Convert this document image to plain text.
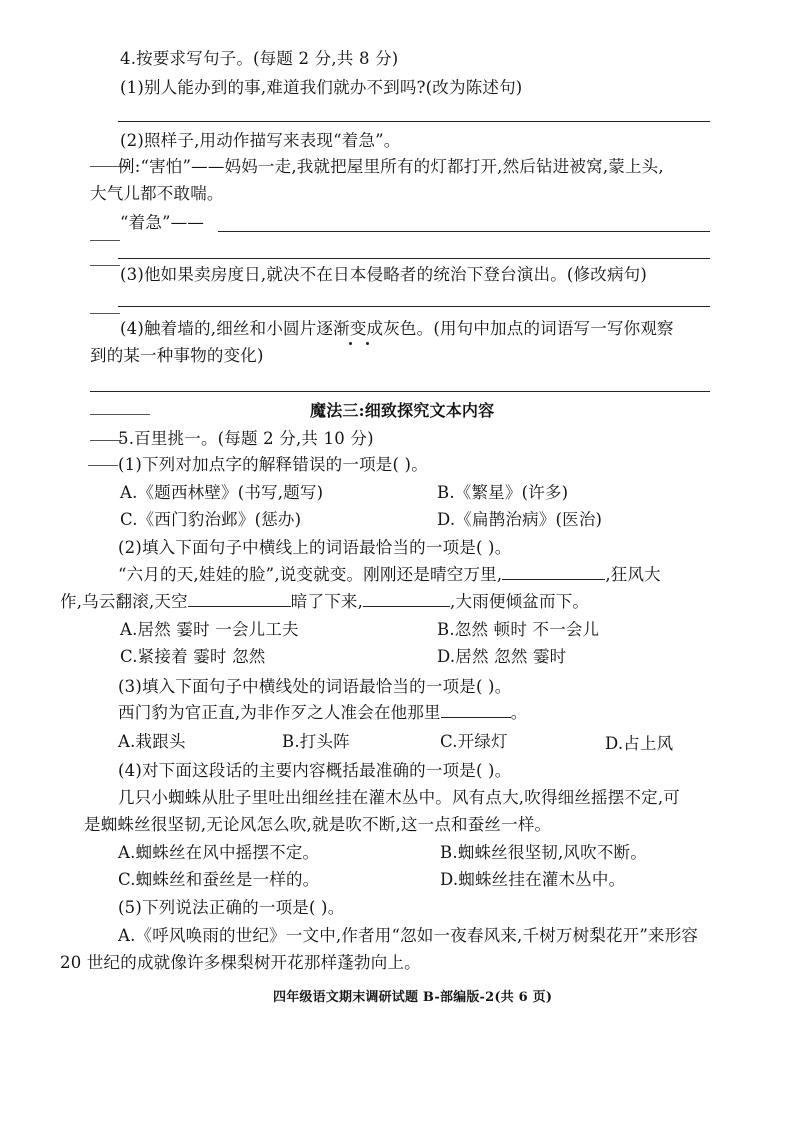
4.按要求写句子。(每题 2 分,共 8 分)
(1)别人能办到的事,难道我们就办不到吗?(改为陈述句)
(2)照样子,用动作描写来表现“着急”。
例:“害怕”——妈妈一走,我就把屋里所有的灯都打开,然后钻进被窝,蒙上头,
大气儿都不敢喘。
“着急”——
(3)他如果卖房度日,就决不在日本侵略者的统治下登台演出。(修改病句)
(4)触着墙的,细丝和小圆片逐渐变成灰色。(用句中加点的词语写一写你观察
到的某一种事物的变化)
魔法三:细致探究文本内容
5.百里挑一。(每题 2 分,共 10 分)
(1)下列对加点字的解释错误的一项是( )。
A.《题西林壁》(书写,题写)	B.《繁星》(许多)
C.《西门豹治邺》(惩办)	D.《扁鹊治病》(医治)
(2)填入下面句子中横线上的词语最恰当的一项是( )。
“六月的天,娃娃的脸”,说变就变。刚刚还是晴空万里,	,狂风大
作,乌云翻滚,天空	暗了下来,	,大雨便倾盆而下。
A.居然 霎时 一会儿工夫	B.忽然 顿时 不一会儿
C.紧接着 霎时 忽然	D.居然 忽然 霎时
(3)填入下面句子中横线处的词语最恰当的一项是( )。
西门豹为官正直,为非作歹之人准会在他那里	。
A.栽跟头	B.打头阵	C.开绿灯	D.占上风
(4)对下面这段话的主要内容概括最准确的一项是( )。
几只小蜘蛛从肚子里吐出细丝挂在灌木丛中。风有点大,吹得细丝摇摆不定,可
是蜘蛛丝很坚韧,无论风怎么吹,就是吹不断,这一点和蚕丝一样。
A.蜘蛛丝在风中摇摆不定。	B.蜘蛛丝很坚韧,风吹不断。
C.蜘蛛丝和蚕丝是一样的。	D.蜘蛛丝挂在灌木丛中。
(5)下列说法正确的一项是( )。
A.《呼风唤雨的世纪》一文中,作者用“忽如一夜春风来,千树万树梨花开”来形容
20 世纪的成就像许多棵梨树开花那样蓬勃向上。
四年级语文期末调研试题 B-部编版-2(共 6 页)
